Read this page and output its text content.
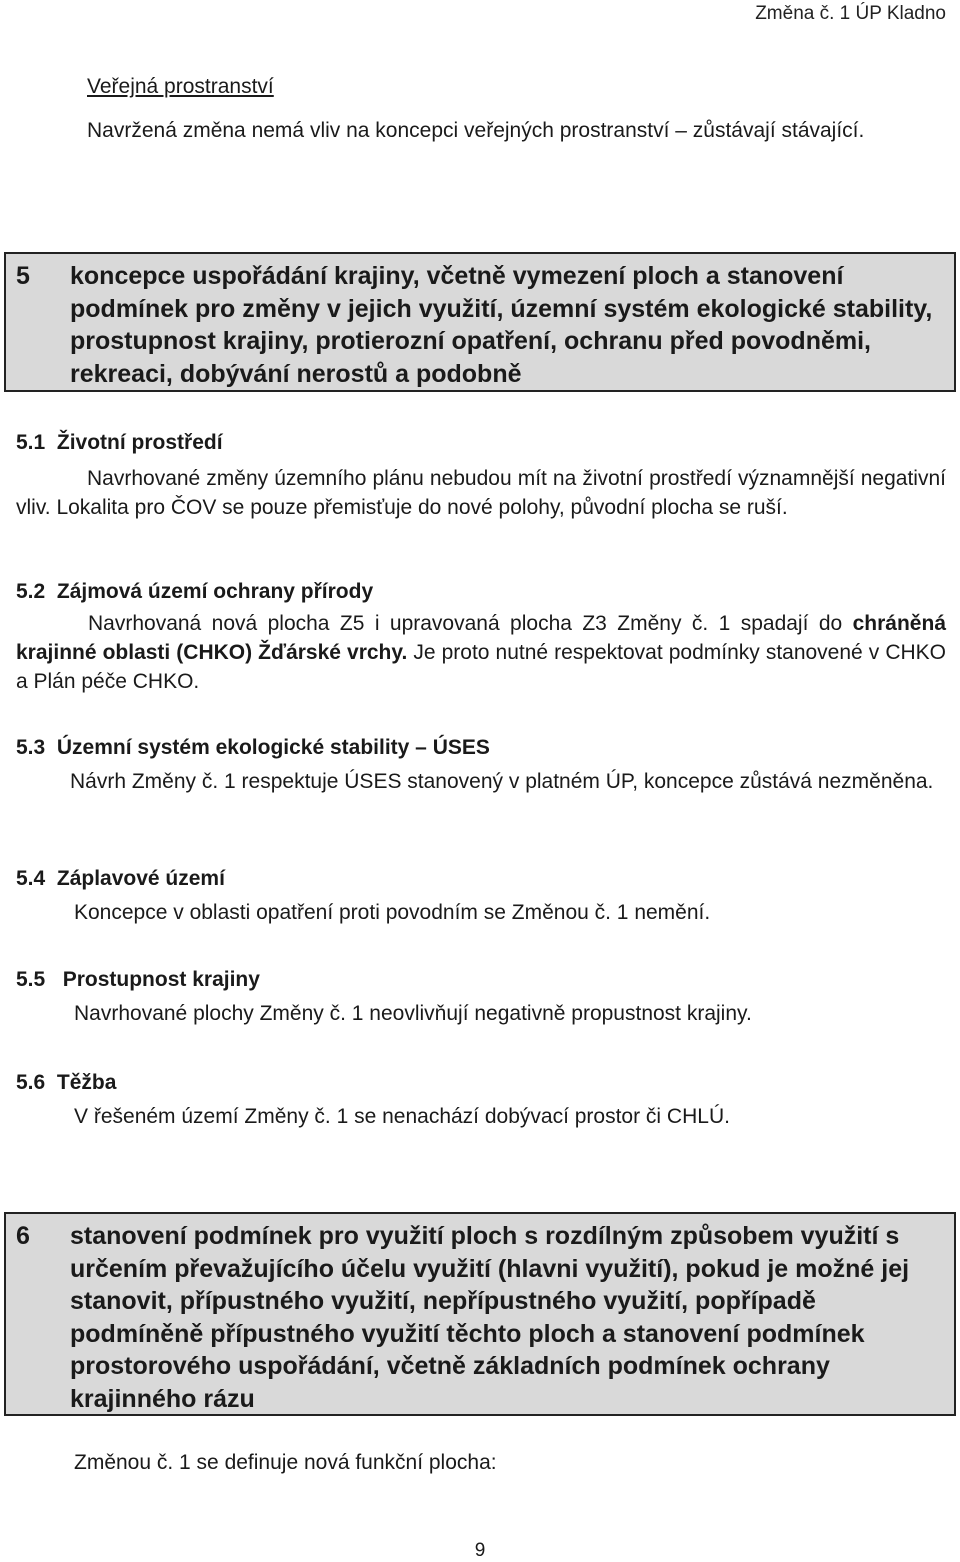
Změna č. 1 ÚP Kladno
Veřejná prostranství
Navržená změna nemá vliv na koncepci veřejných prostranství – zůstávají stávající.
5 koncepce uspořádání krajiny, včetně vymezení ploch a stanovení podmínek pro změny v jejich využití, územní systém ekologické stability, prostupnost krajiny, protierozní opatření, ochranu před povodněmi, rekreaci, dobývání nerostů a podobně
5.1 Životní prostředí
Navrhované změny územního plánu nebudou mít na životní prostředí významnější negativní vliv. Lokalita pro ČOV se pouze přemisťuje do nové polohy, původní plocha se ruší.
5.2 Zájmová území ochrany přírody
Navrhovaná nová plocha Z5 i upravovaná plocha Z3 Změny č. 1 spadají do chráněná krajinné oblasti (CHKO) Žďárské vrchy. Je proto nutné respektovat podmínky stanovené v CHKO a Plán péče CHKO.
5.3 Územní systém ekologické stability – ÚSES
Návrh Změny č. 1 respektuje ÚSES stanovený v platném ÚP, koncepce zůstává nezměněna.
5.4 Záplavové území
Koncepce v oblasti opatření proti povodním se Změnou č. 1 nemění.
5.5 Prostupnost krajiny
Navrhované plochy Změny č. 1 neovlivňují negativně propustnost krajiny.
5.6 Těžba
V řešeném území Změny č. 1 se nenachází dobývací prostor či CHLÚ.
6 stanovení podmínek pro využití ploch s rozdílným způsobem využití s určením převažujícího účelu využití (hlavni využití), pokud je možné jej stanovit, přípustného využití, nepřípustného využití, popřípadě podmíněně přípustného využití těchto ploch a stanovení podmínek prostorového uspořádání, včetně základních podmínek ochrany krajinného rázu
Změnou č. 1 se definuje nová funkční plocha:
9
